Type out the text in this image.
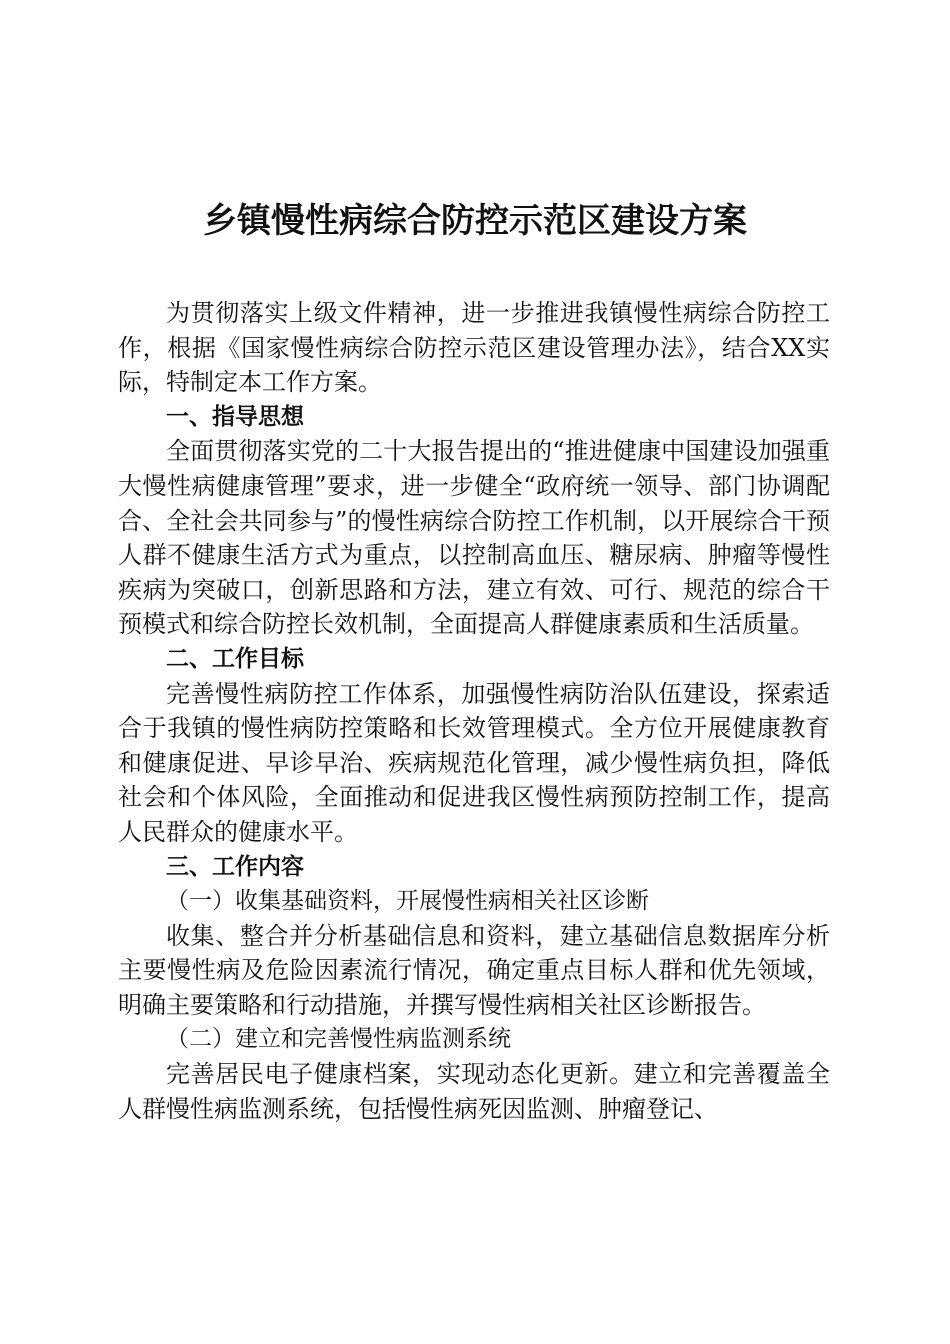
乡镇慢性病综合防控示范区建设方案

为贯彻落实上级文件精神，进一步推进我镇慢性病综合防控工作，根据《国家慢性病综合防控示范区建设管理办法》，结合XX实际，特制定本工作方案。

一、指导思想

全面贯彻落实党的二十大报告提出的“推进健康中国建设加强重大慢性病健康管理”要求，进一步健全“政府统一领导、部门协调配合、全社会共同参与”的慢性病综合防控工作机制，以开展综合干预人群不健康生活方式为重点，以控制高血压、糖尿病、肿瘤等慢性疾病为突破口，创新思路和方法，建立有效、可行、规范的综合干预模式和综合防控长效机制，全面提高人群健康素质和生活质量。

二、工作目标

完善慢性病防控工作体系，加强慢性病防治队伍建设，探索适合于我镇的慢性病防控策略和长效管理模式。全方位开展健康教育和健康促进、早诊早治、疾病规范化管理，减少慢性病负担，降低社会和个体风险，全面推动和促进我区慢性病预防控制工作，提高人民群众的健康水平。

三、工作内容

（一）收集基础资料，开展慢性病相关社区诊断

收集、整合并分析基础信息和资料，建立基础信息数据库分析主要慢性病及危险因素流行情况，确定重点目标人群和优先领域，明确主要策略和行动措施，并撰写慢性病相关社区诊断报告。

（二）建立和完善慢性病监测系统

完善居民电子健康档案，实现动态化更新。建立和完善覆盖全人群慢性病监测系统，包括慢性病死因监测、肿瘤登记、
